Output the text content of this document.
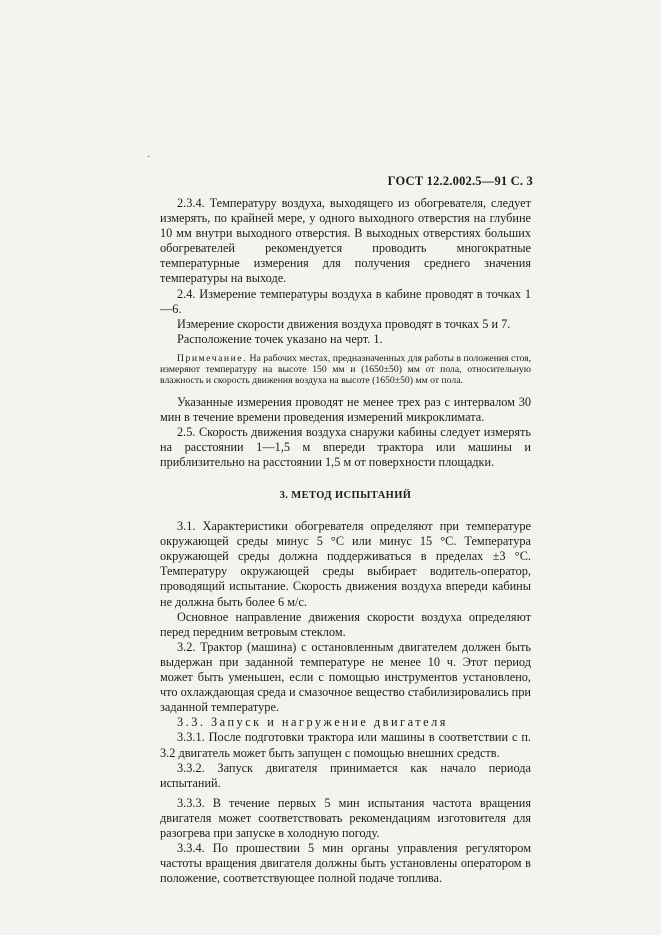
·
ГОСТ 12.2.002.5—91 С. 3

2.3.4. Температуру воздуха, выходящего из обогревателя, следует измерять, по крайней мере, у одного выходного отверстия на глубине 10 мм внутри выходного отверстия. В выходных отверстиях больших обогревателей рекомендуется проводить многократные температурные измерения для получения среднего значения температуры на выходе.

2.4. Измерение температуры воздуха в кабине проводят в точках 1—6.

Измерение скорости движения воздуха проводят в точках 5 и 7.

Расположение точек указано на черт. 1.

Примечание. На рабочих местах, предназначенных для работы в положения стоя, измеряют температуру на высоте 150 мм и (1650±50) мм от пола, относительную влажность и скорость движения воздуха на высоте (1650±50) мм от пола.

Указанные измерения проводят не менее трех раз с интервалом 30 мин в течение времени проведения измерений микроклимата.

2.5. Скорость движения воздуха снаружи кабины следует измерять на расстоянии 1—1,5 м впереди трактора или машины и приблизительно на расстоянии 1,5 м от поверхности площадки.

3. МЕТОД ИСПЫТАНИЙ

3.1. Характеристики обогревателя определяют при температуре окружающей среды минус 5 °С или минус 15 °С. Температура окружающей среды должна поддерживаться в пределах ±3 °С. Температуру окружающей среды выбирает водитель-оператор, проводящий испытание. Скорость движения воздуха впереди кабины не должна быть более 6 м/с.

Основное направление движения скорости воздуха определяют перед передним ветровым стеклом.

3.2. Трактор (машина) с остановленным двигателем должен быть выдержан при заданной температуре не менее 10 ч. Этот период может быть уменьшен, если с помощью инструментов установлено, что охлаждающая среда и смазочное вещество стабилизировались при заданной температуре.

3.3. Запуск и нагружение двигателя

3.3.1. После подготовки трактора или машины в соответствии с п. 3.2 двигатель может быть запущен с помощью внешних средств.

3.3.2. Запуск двигателя принимается как начало периода испытаний.

3.3.3. В течение первых 5 мин испытания частота вращения двигателя может соответствовать рекомендациям изготовителя для разогрева при запуске в холодную погоду.

3.3.4. По прошествии 5 мин органы управления регулятором частоты вращения двигателя должны быть установлены оператором в положение, соответствующее полной подаче топлива.
